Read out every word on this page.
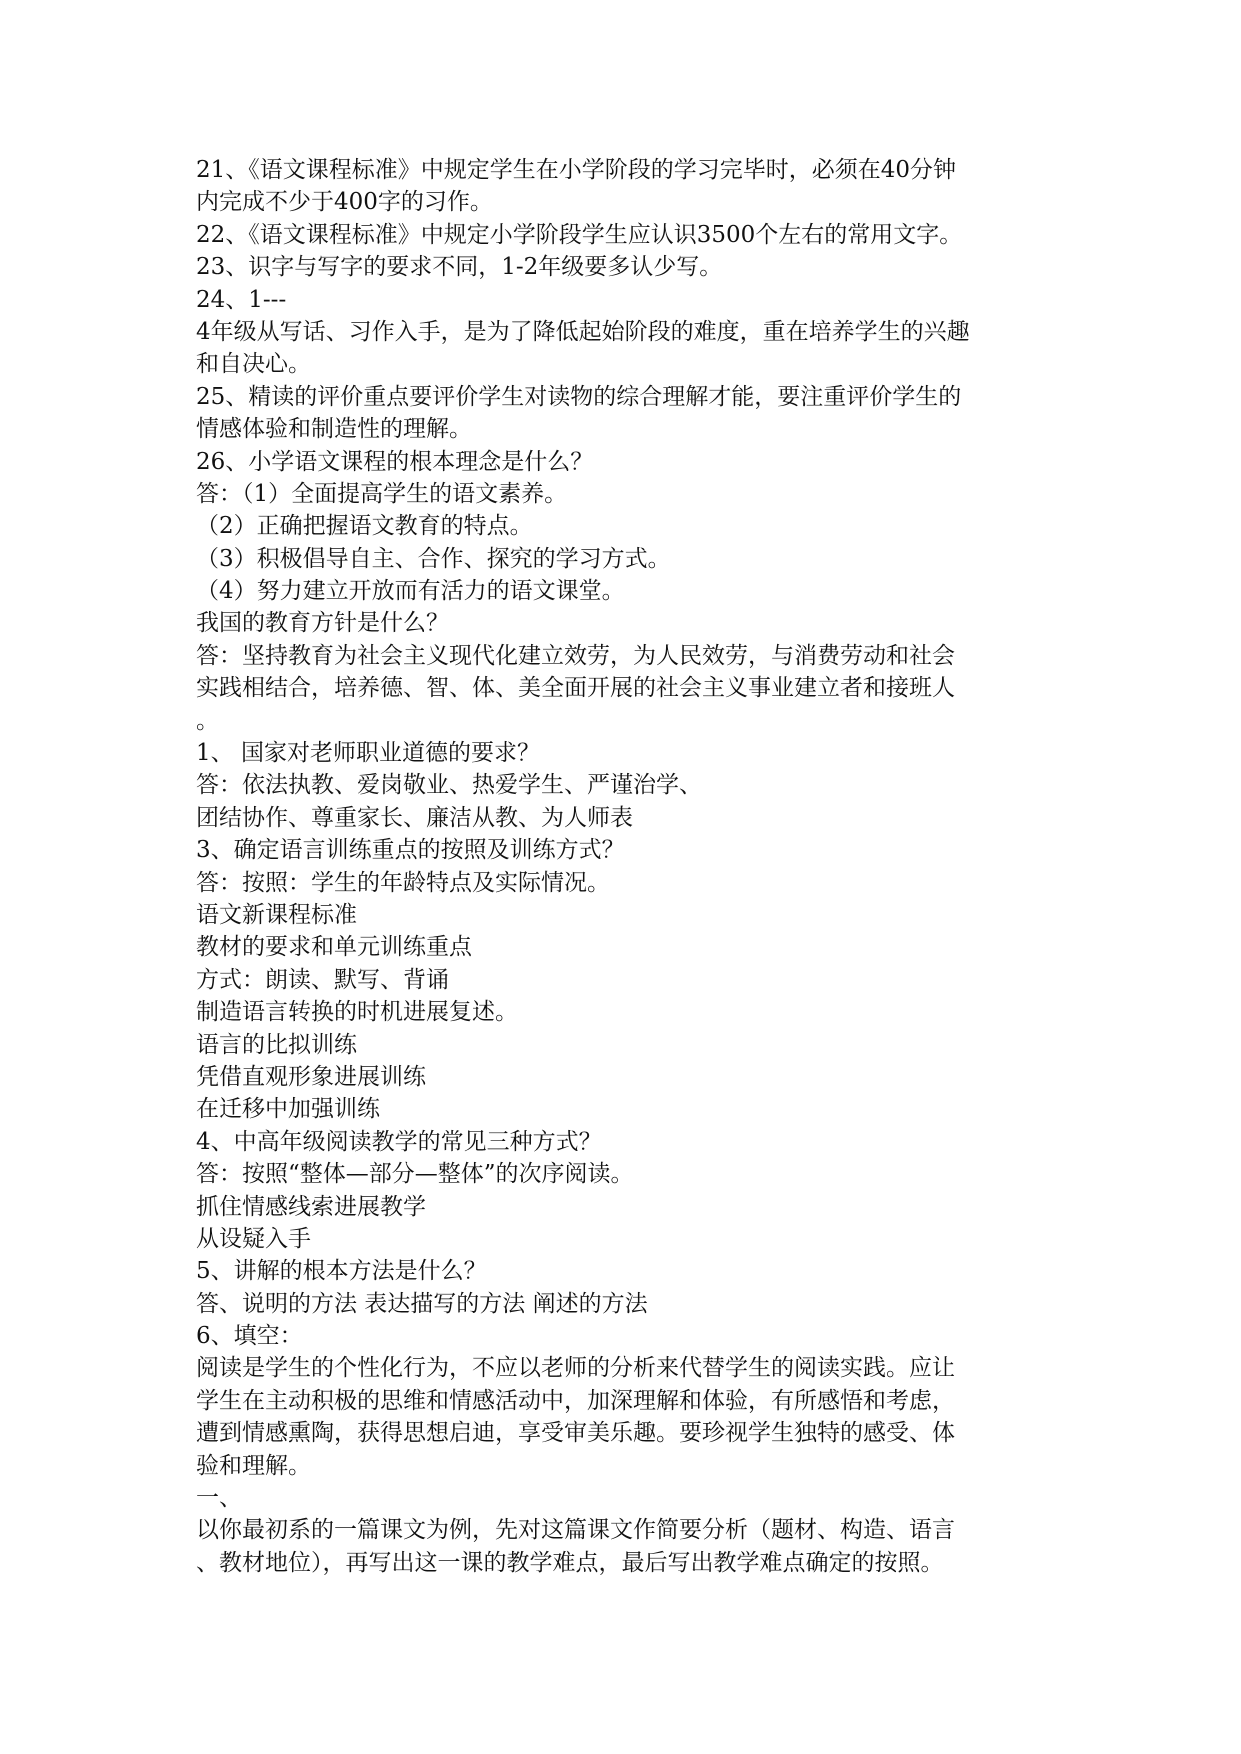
21、《语文课程标准》中规定学生在小学阶段的学习完毕时，必须在40分钟
内完成不少于400字的习作。
22、《语文课程标准》中规定小学阶段学生应认识3500个左右的常用文字。
23、识字与写字的要求不同，1-2年级要多认少写。
24、1---
4年级从写话、习作入手，是为了降低起始阶段的难度，重在培养学生的兴趣
和自决心。
25、精读的评价重点要评价学生对读物的综合理解才能，要注重评价学生的
情感体验和制造性的理解。
26、小学语文课程的根本理念是什么？
答：（1）全面提高学生的语文素养。
（2）正确把握语文教育的特点。
（3）积极倡导自主、合作、探究的学习方式。
（4）努力建立开放而有活力的语文课堂。
我国的教育方针是什么？
答：坚持教育为社会主义现代化建立效劳，为人民效劳，与消费劳动和社会
实践相结合，培养德、智、体、美全面开展的社会主义事业建立者和接班人
。
1、 国家对老师职业道德的要求？
答：依法执教、爱岗敬业、热爱学生、严谨治学、
团结协作、尊重家长、廉洁从教、为人师表
3、确定语言训练重点的按照及训练方式？
答：按照：学生的年龄特点及实际情况。
语文新课程标准
教材的要求和单元训练重点
方式：朗读、默写、背诵
制造语言转换的时机进展复述。
语言的比拟训练
凭借直观形象进展训练
在迁移中加强训练
4、中高年级阅读教学的常见三种方式？
答：按照“整体—部分—整体”的次序阅读。
抓住情感线索进展教学
从设疑入手
5、讲解的根本方法是什么？
答、说明的方法 表达描写的方法 阐述的方法
6、填空：
阅读是学生的个性化行为，不应以老师的分析来代替学生的阅读实践。应让
学生在主动积极的思维和情感活动中，加深理解和体验，有所感悟和考虑，
遭到情感熏陶，获得思想启迪，享受审美乐趣。要珍视学生独特的感受、体
验和理解。
一、
以你最初系的一篇课文为例，先对这篇课文作简要分析（题材、构造、语言
、教材地位），再写出这一课的教学难点，最后写出教学难点确定的按照。
